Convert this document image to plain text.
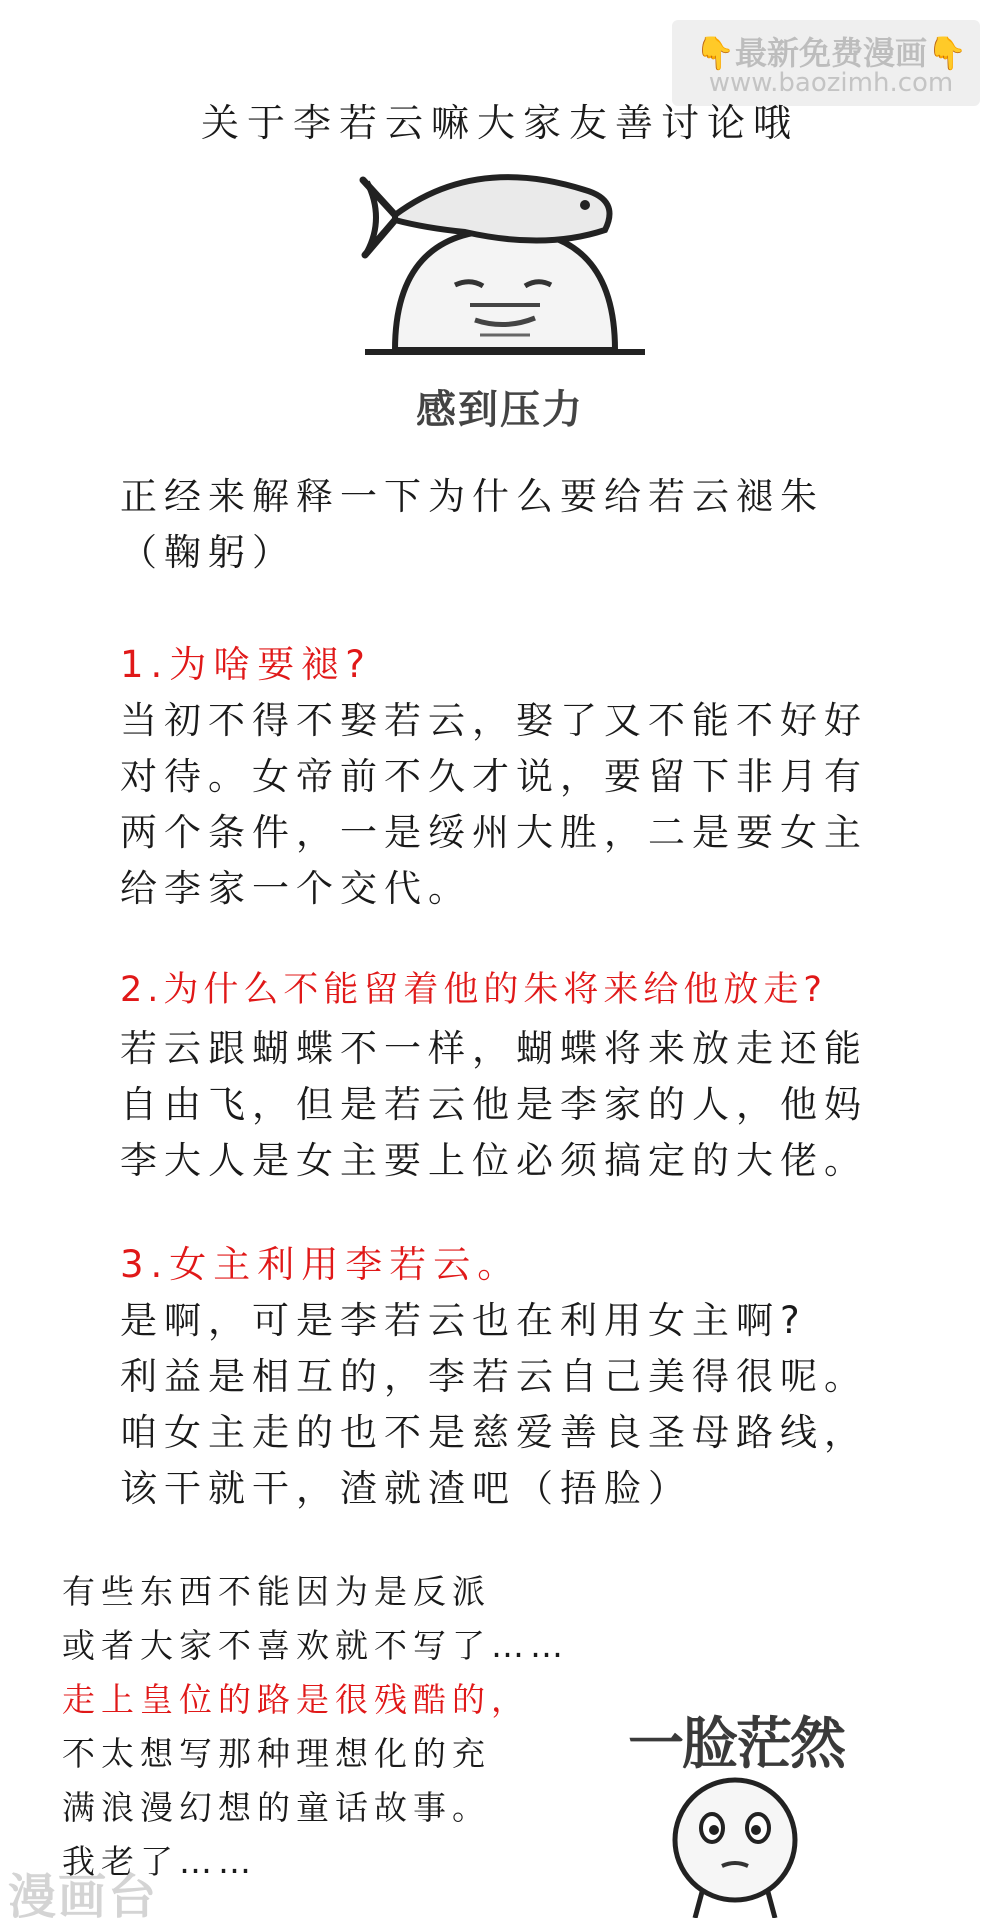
👇最新免费漫画👇
www.baozimh.com
关于李若云嘛大家友善讨论哦
感到压力
正经来解释一下为什么要给若云褪朱
（鞠躬）
1.为啥要褪?
当初不得不娶若云，娶了又不能不好好
对待。女帝前不久才说，要留下非月有
两个条件，一是绥州大胜，二是要女主
给李家一个交代。
2.为什么不能留着他的朱将来给他放走?
若云跟蝴蝶不一样，蝴蝶将来放走还能
自由飞，但是若云他是李家的人，他妈
李大人是女主要上位必须搞定的大佬。
3.女主利用李若云。
是啊，可是李若云也在利用女主啊?
利益是相互的，李若云自己美得很呢。
咱女主走的也不是慈爱善良圣母路线，
该干就干，渣就渣吧（捂脸）
有些东西不能因为是反派
或者大家不喜欢就不写了……
走上皇位的路是很残酷的，
不太想写那种理想化的充
满浪漫幻想的童话故事。
我老了……
一脸茫然
漫画台
